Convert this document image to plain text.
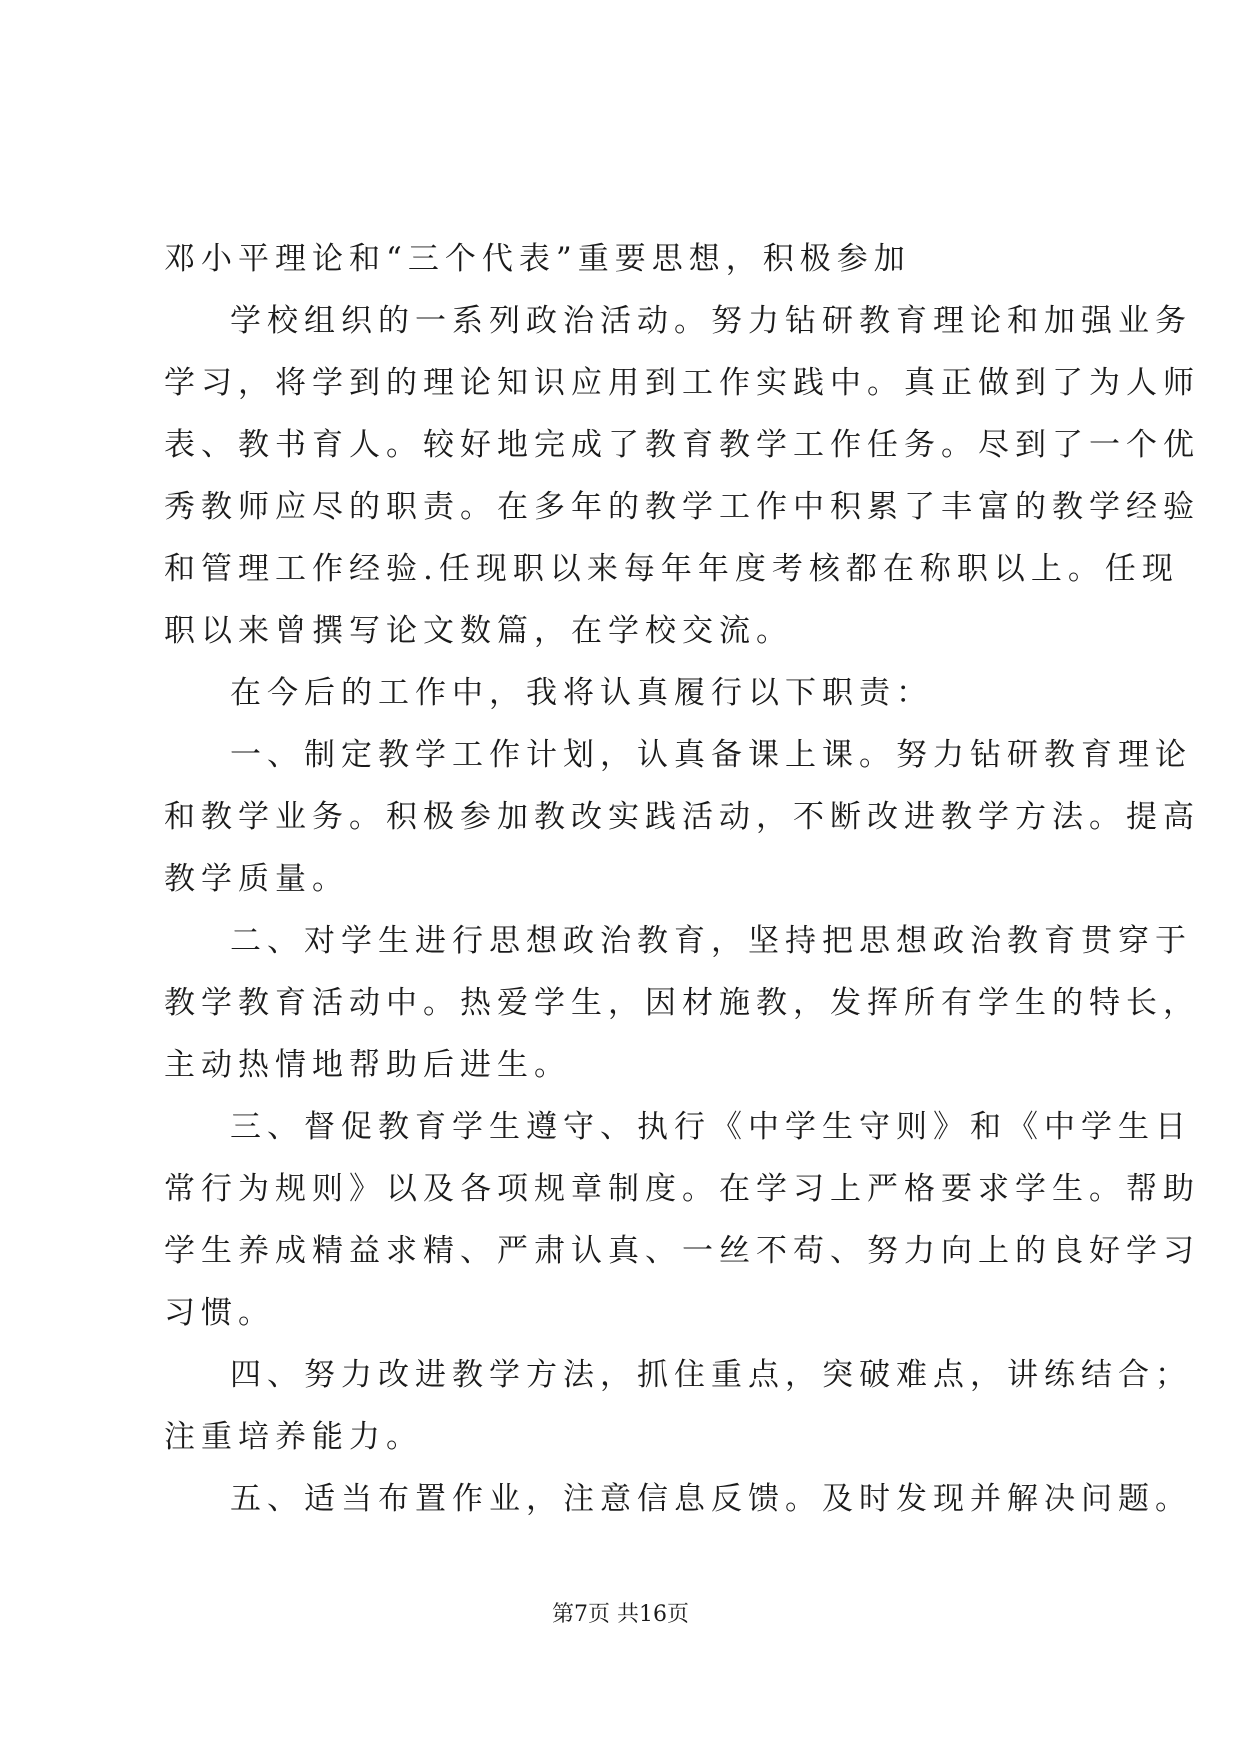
邓小平理论和“三个代表”重要思想，积极参加
学校组织的一系列政治活动。努力钻研教育理论和加强业务
学习，将学到的理论知识应用到工作实践中。真正做到了为人师
表、教书育人。较好地完成了教育教学工作任务。尽到了一个优
秀教师应尽的职责。在多年的教学工作中积累了丰富的教学经验
和管理工作经验.任现职以来每年年度考核都在称职以上。任现
职以来曾撰写论文数篇，在学校交流。
在今后的工作中，我将认真履行以下职责：
一、制定教学工作计划，认真备课上课。努力钻研教育理论
和教学业务。积极参加教改实践活动，不断改进教学方法。提高
教学质量。
二、对学生进行思想政治教育，坚持把思想政治教育贯穿于
教学教育活动中。热爱学生，因材施教，发挥所有学生的特长，
主动热情地帮助后进生。
三、督促教育学生遵守、执行《中学生守则》和《中学生日
常行为规则》以及各项规章制度。在学习上严格要求学生。帮助
学生养成精益求精、严肃认真、一丝不苟、努力向上的良好学习
习惯。
四、努力改进教学方法，抓住重点，突破难点，讲练结合；
注重培养能力。
五、适当布置作业，注意信息反馈。及时发现并解决问题。
第7页 共16页
